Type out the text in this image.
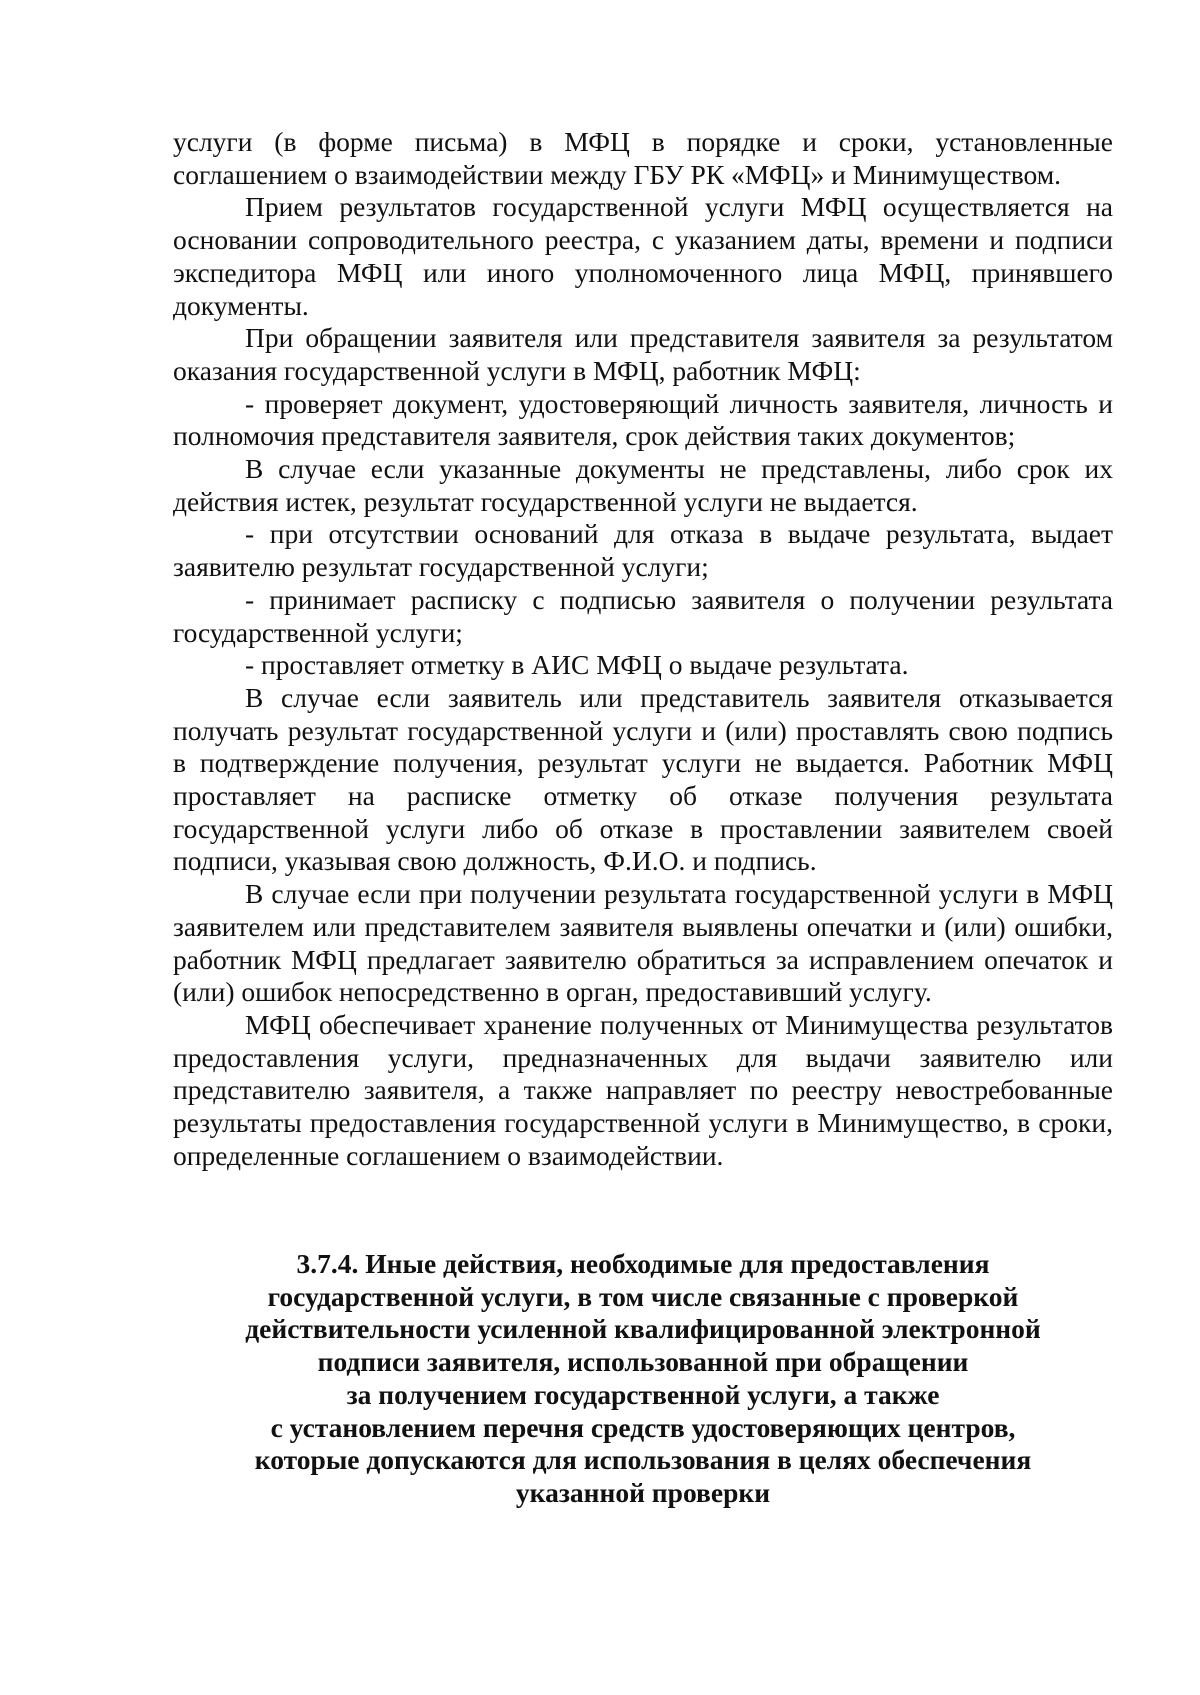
услуги (в форме письма) в МФЦ в порядке и сроки, установленные соглашением о взаимодействии между ГБУ РК «МФЦ» и Минимуществом.

Прием результатов государственной услуги МФЦ осуществляется на основании сопроводительного реестра, с указанием даты, времени и подписи экспедитора МФЦ или иного уполномоченного лица МФЦ, принявшего документы.

При обращении заявителя или представителя заявителя за результатом оказания государственной услуги в МФЦ, работник МФЦ:

- проверяет документ, удостоверяющий личность заявителя, личность и полномочия представителя заявителя, срок действия таких документов;

В случае если указанные документы не представлены, либо срок их действия истек, результат государственной услуги не выдается.

- при отсутствии оснований для отказа в выдаче результата, выдает заявителю результат государственной услуги;

- принимает расписку с подписью заявителя о получении результата государственной услуги;

- проставляет отметку в АИС МФЦ о выдаче результата.

В случае если заявитель или представитель заявителя отказывается получать результат государственной услуги и (или) проставлять свою подпись в подтверждение получения, результат услуги не выдается. Работник МФЦ проставляет на расписке отметку об отказе получения результата государственной услуги либо об отказе в проставлении заявителем своей подписи, указывая свою должность, Ф.И.О. и подпись.

В случае если при получении результата государственной услуги в МФЦ заявителем или представителем заявителя выявлены опечатки и (или) ошибки, работник МФЦ предлагает заявителю обратиться за исправлением опечаток и (или) ошибок непосредственно в орган, предоставивший услугу.

МФЦ обеспечивает хранение полученных от Минимущества результатов предоставления услуги, предназначенных для выдачи заявителю или представителю заявителя, а также направляет по реестру невостребованные результаты предоставления государственной услуги в Минимущество, в сроки, определенные соглашением о взаимодействии.

3.7.4. Иные действия, необходимые для предоставления
государственной услуги, в том числе связанные с проверкой
действительности усиленной квалифицированной электронной
подписи заявителя, использованной при обращении
за получением государственной услуги, а также
с установлением перечня средств удостоверяющих центров,
которые допускаются для использования в целях обеспечения
указанной проверки
